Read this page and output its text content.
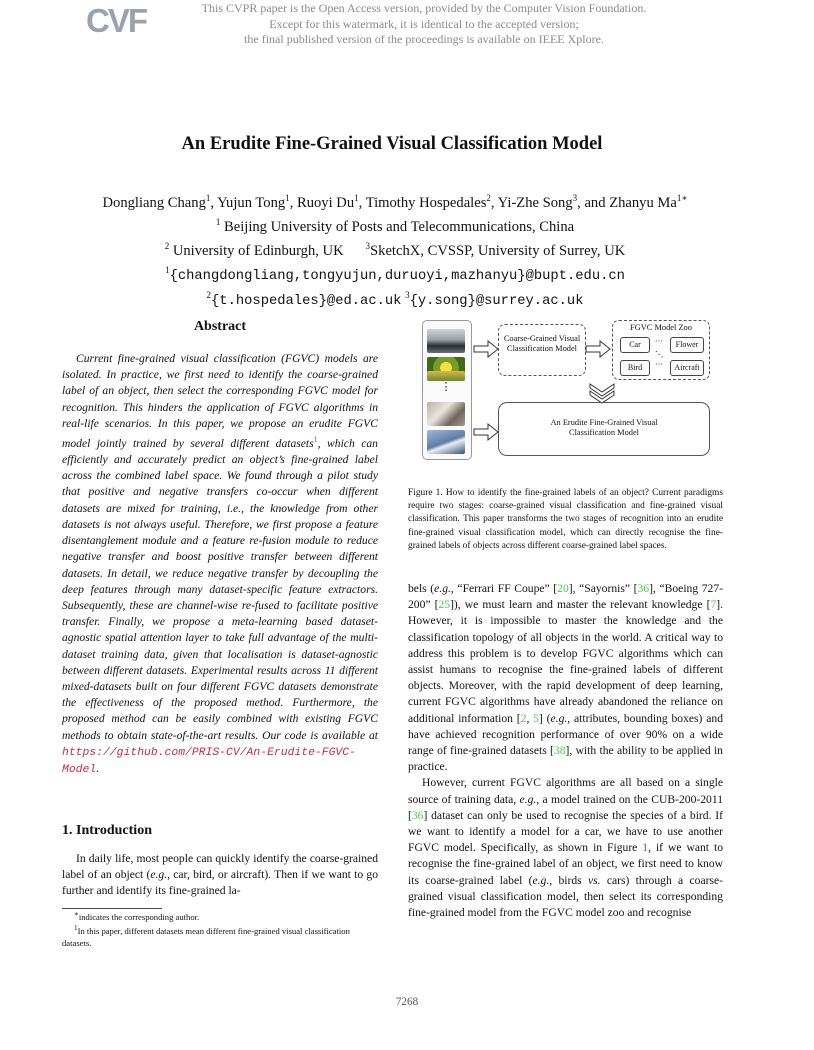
CVF	This CVPR paper is the Open Access version, provided by the Computer Vision Foundation.
Except for this watermark, it is identical to the accepted version;
the final published version of the proceedings is available on IEEE Xplore.
An Erudite Fine-Grained Visual Classification Model
Dongliang Chang$^1$, Yujun Tong$^1$, Ruoyi Du$^1$, Timothy Hospedales$^2$, Yi-Zhe Song$^3$, and Zhanyu $Ma^{1∗}$
$^1$ Beijing University of Posts and Telecommunications, China
$^2$ University of Edinburgh, UK $^3$SketchX, CVSSP, University of Surrey, UK
$^1${changdongliang,tongyujun,duruoyi,mazhanyu}@bupt.edu.cn
$^2${t.hospedales}@ed.ac.uk $^3${y.song}@surrey.ac.uk
Abstract

Current fine-grained visual classification (FGVC) models are isolated. In practice, we first need to identify the coarse-grained label of an object, then select the corresponding FGVC model for recognition. This hinders the application of FGVC algorithms in real-life scenarios. In this paper, we propose an erudite FGVC model jointly trained by several different datasets$^1$, which can efficiently and accurately predict an object’s fine-grained label across the combined label space. We found through a pilot study that positive and negative transfers co-occur when different datasets are mixed for training, i.e., the knowledge from other datasets is not always useful. Therefore, we first propose a feature disentanglement module and a feature re-fusion module to reduce negative transfer and boost positive transfer between different datasets. In detail, we reduce negative transfer by decoupling the deep features through many dataset-specific feature extractors. Subsequently, these are channel-wise re-fused to facilitate positive transfer. Finally, we propose a meta-learning based dataset-agnostic spatial attention layer to take full advantage of the multi-dataset training data, given that localisation is dataset-agnostic between different datasets. Experimental results across 11 different mixed-datasets built on four different FGVC datasets demonstrate the effectiveness of the proposed method. Furthermore, the proposed method can be easily combined with existing FGVC methods to obtain state-of-the-art results. Our code is available at https://github.com/PRIS-CV/An-Erudite-FGVC-Model.

1. Introduction

In daily life, most people can quickly identify the coarse-grained label of an object (e.g., car, bird, or aircraft). Then if we want to go further and identify its fine-grained la-

∗indicates the corresponding author.

$^1$In this paper, different datasets mean different fine-grained visual classification datasets.

⋮
Coarse-Grained Visual Classification Model
FGVC Model Zoo
Car	···	Flower
⋱
Bird	···	Aircraft
An Erudite Fine-Grained Visual Classification Model
Figure 1. How to identify the fine-grained labels of an object? Current paradigms require two stages: coarse-grained visual classification and fine-grained visual classification. This paper transforms the two stages of recognition into an erudite fine-grained visual classification model, which can directly recognise the fine-grained labels of objects across different coarse-grained label spaces.

bels (e.g., “Ferrari FF Coupe” [20], “Sayornis” [36], “Boeing 727-200” [25]), we must learn and master the relevant knowledge [7]. However, it is impossible to master the knowledge and the classification topology of all objects in the world. A critical way to address this problem is to develop FGVC algorithms which can assist humans to recognise the fine-grained labels of different objects. Moreover, with the rapid development of deep learning, current FGVC algorithms have already abandoned the reliance on additional information [2, 5] (e.g., attributes, bounding boxes) and have achieved recognition performance of over 90% on a wide range of fine-grained datasets [38], with the ability to be applied in practice.

However, current FGVC algorithms are all based on a single source of training data, e.g., a model trained on the CUB-200-2011 [36] dataset can only be used to recognise the species of a bird. If we want to identify a model for a car, we have to use another FGVC model. Specifically, as shown in Figure 1, if we want to recognise the fine-grained label of an object, we first need to know its coarse-grained label (e.g., birds vs. cars) through a coarse-grained visual classification model, then select its corresponding fine-grained model from the FGVC model zoo and recognise

7268
